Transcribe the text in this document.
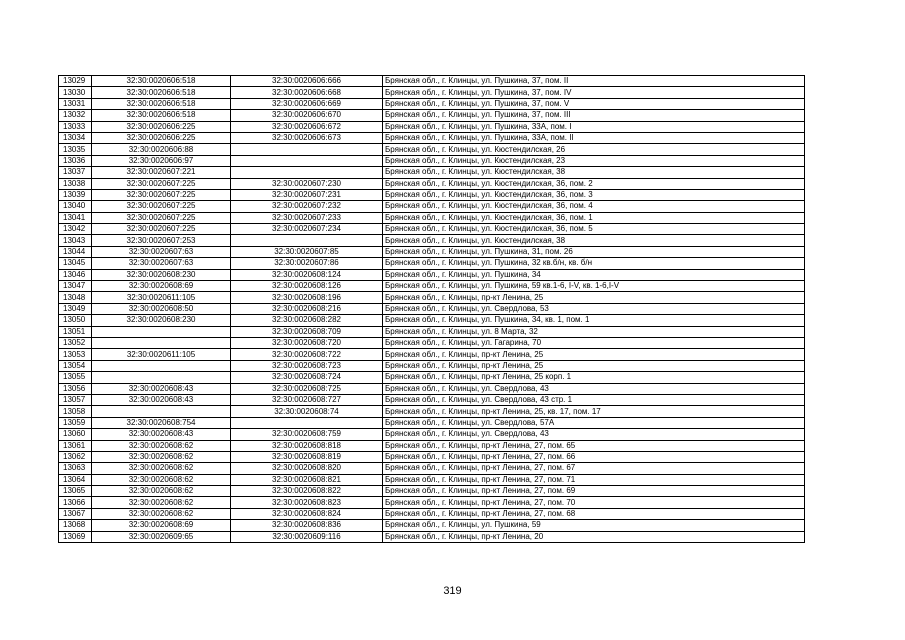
13029	32:30:0020606:518	32:30:0020606:666	Брянская обл., г. Клинцы, ул. Пушкина, 37, пом. II
13030	32:30:0020606:518	32:30:0020606:668	Брянская обл., г. Клинцы, ул. Пушкина, 37, пом. IV
13031	32:30:0020606:518	32:30:0020606:669	Брянская обл., г. Клинцы, ул. Пушкина, 37, пом. V
13032	32:30:0020606:518	32:30:0020606:670	Брянская обл., г. Клинцы, ул. Пушкина, 37, пом. III
13033	32:30:0020606:225	32:30:0020606:672	Брянская обл., г. Клинцы, ул. Пушкина, 33А, пом. I
13034	32:30:0020606:225	32:30:0020606:673	Брянская обл., г. Клинцы, ул. Пушкина, 33А, пом. II
13035	32:30:0020606:88		Брянская обл., г. Клинцы, ул. Кюстендилская, 26
13036	32:30:0020606:97		Брянская обл., г. Клинцы, ул. Кюстендилская, 23
13037	32:30:0020607:221		Брянская обл., г. Клинцы, ул. Кюстендилская, 38
13038	32:30:0020607:225	32:30:0020607:230	Брянская обл., г. Клинцы, ул. Кюстендилская, 36, пом. 2
13039	32:30:0020607:225	32:30:0020607:231	Брянская обл., г. Клинцы, ул. Кюстендилская, 36, пом. 3
13040	32:30:0020607:225	32:30:0020607:232	Брянская обл., г. Клинцы, ул. Кюстендилская, 36, пом. 4
13041	32:30:0020607:225	32:30:0020607:233	Брянская обл., г. Клинцы, ул. Кюстендилская, 36, пом. 1
13042	32:30:0020607:225	32:30:0020607:234	Брянская обл., г. Клинцы, ул. Кюстендилская, 36, пом. 5
13043	32:30:0020607:253		Брянская обл., г. Клинцы, ул. Кюстендилская, 38
13044	32:30:0020607:63	32:30:0020607:85	Брянская обл., г. Клинцы, ул. Пушкина, 31, пом. 26
13045	32:30:0020607:63	32:30:0020607:86	Брянская обл., г. Клинцы, ул. Пушкина, 32 кв.б/н, кв. б/н
13046	32:30:0020608:230	32:30:0020608:124	Брянская обл., г. Клинцы, ул. Пушкина, 34
13047	32:30:0020608:69	32:30:0020608:126	Брянская обл., г. Клинцы, ул. Пушкина, 59 кв.1-6, I-V, кв. 1-6,I-V
13048	32:30:0020611:105	32:30:0020608:196	Брянская обл., г. Клинцы, пр-кт Ленина, 25
13049	32:30:0020608:50	32:30:0020608:216	Брянская обл., г. Клинцы, ул. Свердлова, 53
13050	32:30:0020608:230	32:30:0020608:282	Брянская обл., г. Клинцы, ул. Пушкина, 34, кв. 1, пом. 1
13051		32:30:0020608:709	Брянская обл., г. Клинцы, ул. 8 Марта, 32
13052		32:30:0020608:720	Брянская обл., г. Клинцы, ул. Гагарина, 70
13053	32:30:0020611:105	32:30:0020608:722	Брянская обл., г. Клинцы, пр-кт Ленина, 25
13054		32:30:0020608:723	Брянская обл., г. Клинцы, пр-кт Ленина, 25
13055		32:30:0020608:724	Брянская обл., г. Клинцы, пр-кт Ленина, 25 корп. 1
13056	32:30:0020608:43	32:30:0020608:725	Брянская обл., г. Клинцы, ул. Свердлова, 43
13057	32:30:0020608:43	32:30:0020608:727	Брянская обл., г. Клинцы, ул. Свердлова, 43 стр. 1
13058		32:30:0020608:74	Брянская обл., г. Клинцы, пр-кт Ленина, 25, кв. 17, пом. 17
13059	32:30:0020608:754		Брянская обл., г. Клинцы, ул. Свердлова, 57А
13060	32:30:0020608:43	32:30:0020608:759	Брянская обл., г. Клинцы, ул. Свердлова, 43
13061	32:30:0020608:62	32:30:0020608:818	Брянская обл., г. Клинцы, пр-кт Ленина, 27, пом. 65
13062	32:30:0020608:62	32:30:0020608:819	Брянская обл., г. Клинцы, пр-кт Ленина, 27, пом. 66
13063	32:30:0020608:62	32:30:0020608:820	Брянская обл., г. Клинцы, пр-кт Ленина, 27, пом. 67
13064	32:30:0020608:62	32:30:0020608:821	Брянская обл., г. Клинцы, пр-кт Ленина, 27, пом. 71
13065	32:30:0020608:62	32:30:0020608:822	Брянская обл., г. Клинцы, пр-кт Ленина, 27, пом. 69
13066	32:30:0020608:62	32:30:0020608:823	Брянская обл., г. Клинцы, пр-кт Ленина, 27, пом. 70
13067	32:30:0020608:62	32:30:0020608:824	Брянская обл., г. Клинцы, пр-кт Ленина, 27, пом. 68
13068	32:30:0020608:69	32:30:0020608:836	Брянская обл., г. Клинцы, ул. Пушкина, 59
13069	32:30:0020609:65	32:30:0020609:116	Брянская обл., г. Клинцы, пр-кт Ленина, 20
319
